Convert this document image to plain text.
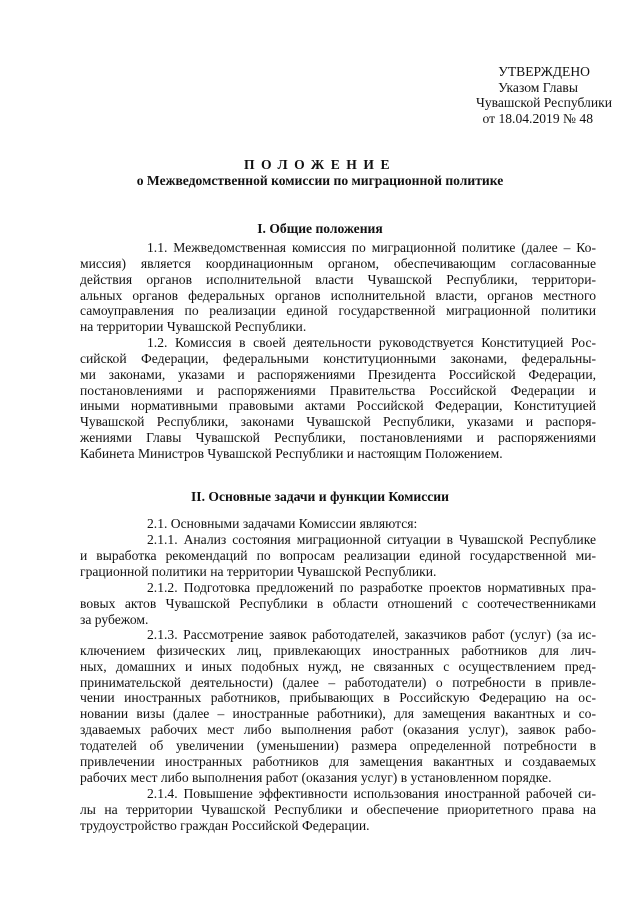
УТВЕРЖДЕНО
Указом Главы
Чувашской Республики
от 18.04.2019 № 48
ПОЛОЖЕНИЕ
о Межведомственной комиссии по миграционной политике
I. Общие положения
1.1. Межведомственная комиссия по миграционной политике (далее – Ко-
миссия) является координационным органом, обеспечивающим согласованные
действия органов исполнительной власти Чувашской Республики, территори-
альных органов федеральных органов исполнительной власти, органов местного
самоуправления по реализации единой государственной миграционной политики
на территории Чувашской Республики.
1.2. Комиссия в своей деятельности руководствуется Конституцией Рос-
сийской Федерации, федеральными конституционными законами, федеральны-
ми законами, указами и распоряжениями Президента Российской Федерации,
постановлениями и распоряжениями Правительства Российской Федерации и
иными нормативными правовыми актами Российской Федерации, Конституцией
Чувашской Республики, законами Чувашской Республики, указами и распоря-
жениями Главы Чувашской Республики, постановлениями и распоряжениями
Кабинета Министров Чувашской Республики и настоящим Положением.
II. Основные задачи и функции Комиссии
2.1. Основными задачами Комиссии являются:
2.1.1. Анализ состояния миграционной ситуации в Чувашской Республике
и выработка рекомендаций по вопросам реализации единой государственной ми-
грационной политики на территории Чувашской Республики.
2.1.2. Подготовка предложений по разработке проектов нормативных пра-
вовых актов Чувашской Республики в области отношений с соотечественниками
за рубежом.
2.1.3. Рассмотрение заявок работодателей, заказчиков работ (услуг) (за ис-
ключением физических лиц, привлекающих иностранных работников для лич-
ных, домашних и иных подобных нужд, не связанных с осуществлением пред-
принимательской деятельности) (далее – работодатели) о потребности в привле-
чении иностранных работников, прибывающих в Российскую Федерацию на ос-
новании визы (далее – иностранные работники), для замещения вакантных и со-
здаваемых рабочих мест либо выполнения работ (оказания услуг), заявок рабо-
тодателей об увеличении (уменьшении) размера определенной потребности в
привлечении иностранных работников для замещения вакантных и создаваемых
рабочих мест либо выполнения работ (оказания услуг) в установленном порядке.
2.1.4. Повышение эффективности использования иностранной рабочей си-
лы на территории Чувашской Республики и обеспечение приоритетного права на
трудоустройство граждан Российской Федерации.
